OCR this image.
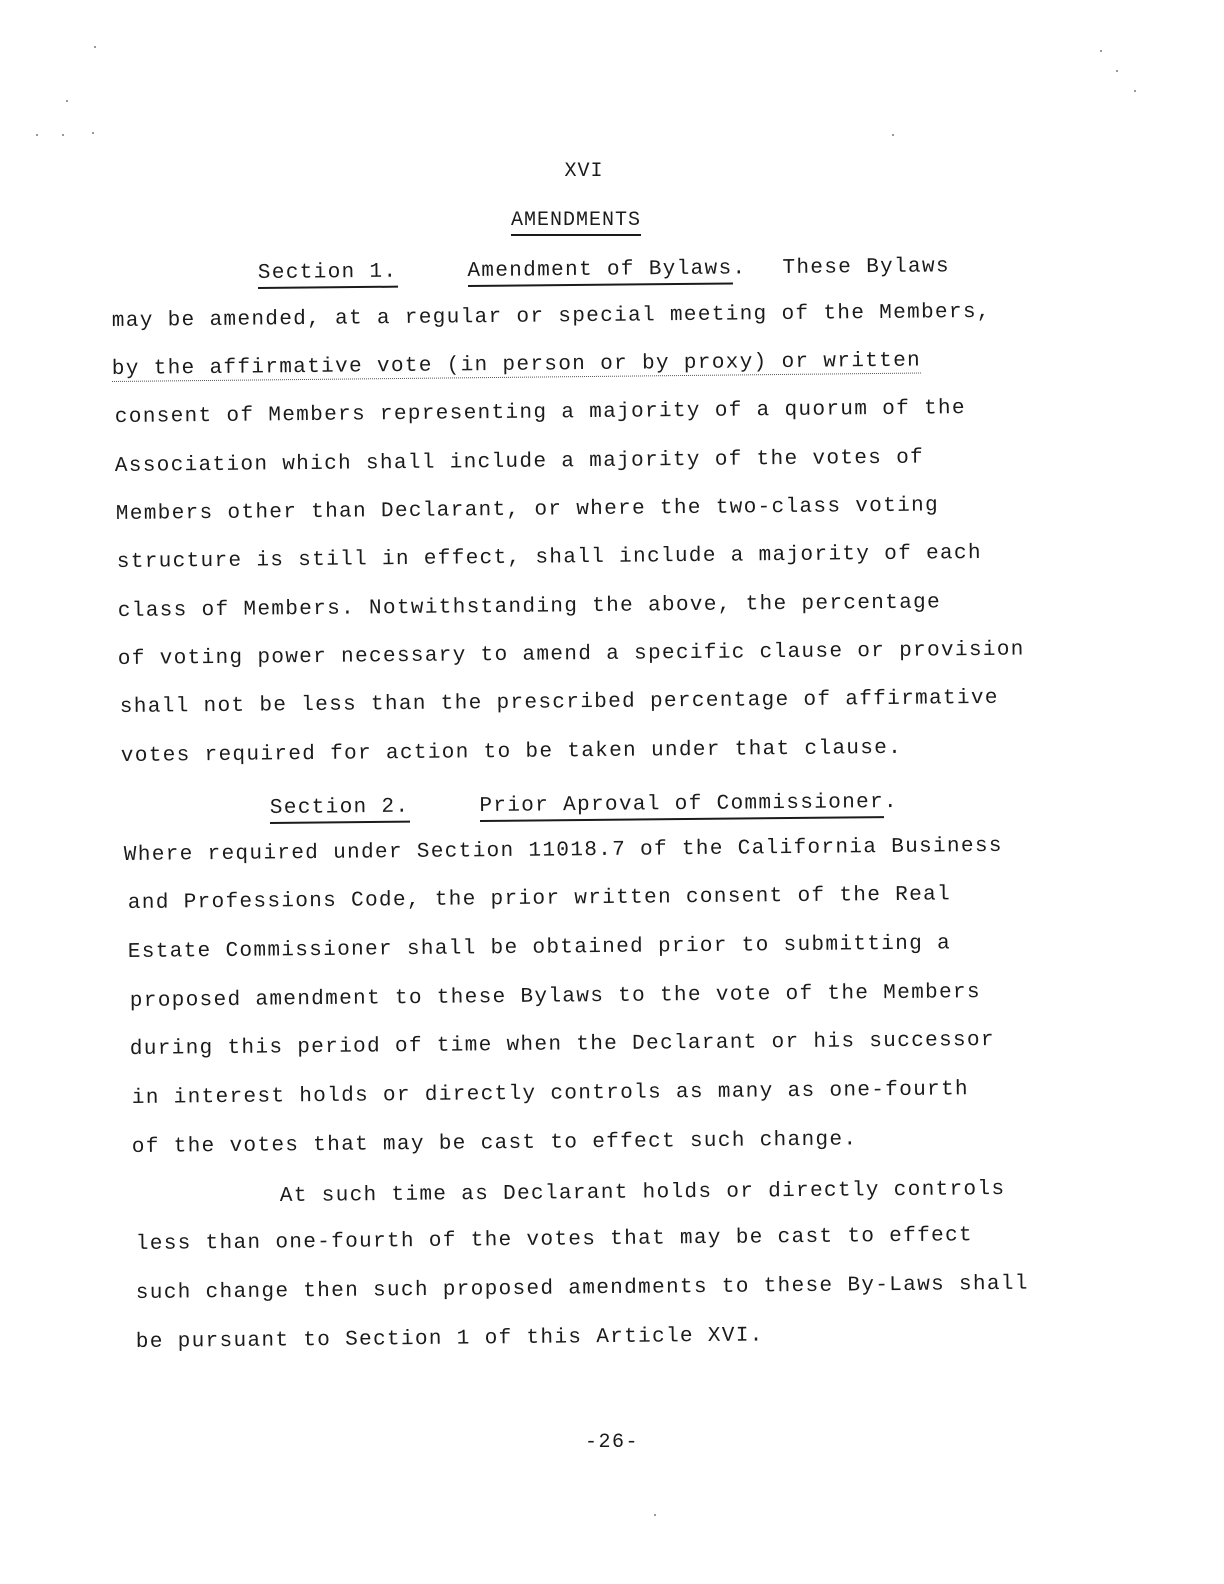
XVI
AMENDMENTS
Section 1.	Amendment of Bylaws. These Bylaws
may be amended, at a regular or special meeting of the Members,
by the affirmative vote (in person or by proxy) or written
consent of Members representing a majority of a quorum of the
Association which shall include a majority of the votes of
Members other than Declarant, or where the two-class voting
structure is still in effect, shall include a majority of each
class of Members. Notwithstanding the above, the percentage
of voting power necessary to amend a specific clause or provision
shall not be less than the prescribed percentage of affirmative
votes required for action to be taken under that clause.
Section 2.	Prior Aproval of Commissioner.
Where required under Section 11018.7 of the California Business
and Professions Code, the prior written consent of the Real
Estate Commissioner shall be obtained prior to submitting a
proposed amendment to these Bylaws to the vote of the Members
during this period of time when the Declarant or his successor
in interest holds or directly controls as many as one-fourth
of the votes that may be cast to effect such change.
At such time as Declarant holds or directly controls
less than one-fourth of the votes that may be cast to effect
such change then such proposed amendments to these By-Laws shall
be pursuant to Section 1 of this Article XVI.
-26-
